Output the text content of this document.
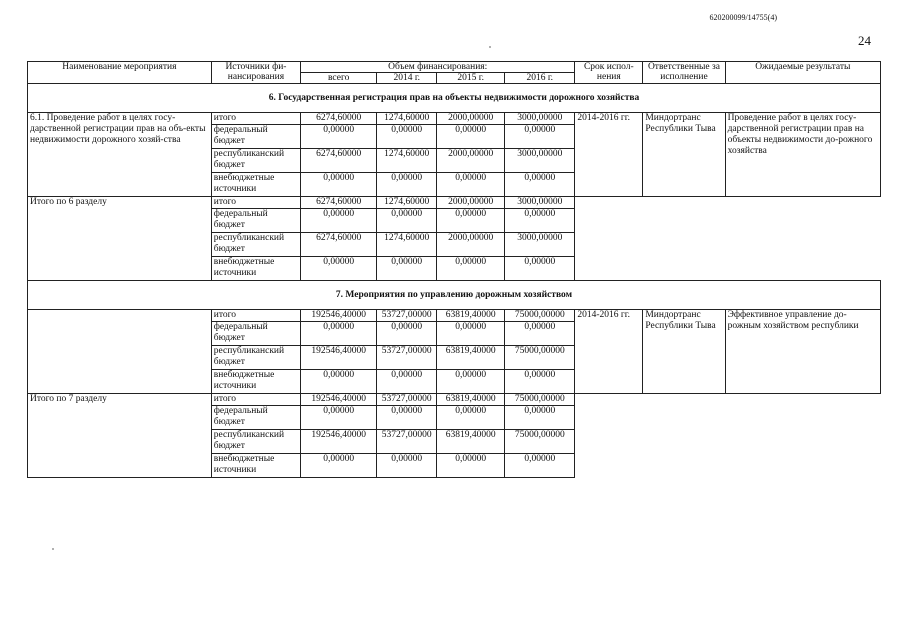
620200099/14755(4)
24
Наименование мероприятия	Источники фи-нансирования	Объем финансирования:				Срок испол-нения	Ответственные за исполнение	Ожидаемые результаты
		всего	2014 г.	2015 г.	2016 г.			
6. Государственная регистрация прав на объекты недвижимости дорожного хозяйства								
6.1. Проведение работ в целях госу-дарственной регистрации прав на объ-екты недвижимости дорожного хозяй-ства	итого	6274,60000	1274,60000	2000,00000	3000,00000	2014-2016 гг.	Миндортранс Республики Тыва	Проведение работ в целях госу-дарственной регистрации прав на объекты недвижимости до-рожного хозяйства
	федеральный бюджет	0,00000	0,00000	0,00000	0,00000			
	республиканский бюджет	6274,60000	1274,60000	2000,00000	3000,00000			
	внебюджетные источники	0,00000	0,00000	0,00000	0,00000			
Итого по 6 разделу	итого	6274,60000	1274,60000	2000,00000	3000,00000			
	федеральный бюджет	0,00000	0,00000	0,00000	0,00000			
	республиканский бюджет	6274,60000	1274,60000	2000,00000	3000,00000			
	внебюджетные источники	0,00000	0,00000	0,00000	0,00000			
7. Мероприятия по управлению дорожным хозяйством								
	итого	192546,40000	53727,00000	63819,40000	75000,00000	2014-2016 гг.	Миндортранс Республики Тыва	Эффективное управление до-рожным хозяйством республики
	федеральный бюджет	0,00000	0,00000	0,00000	0,00000			
	республиканский бюджет	192546,40000	53727,00000	63819,40000	75000,00000			
	внебюджетные источники	0,00000	0,00000	0,00000	0,00000			
Итого по 7 разделу	итого	192546,40000	53727,00000	63819,40000	75000,00000			
	федеральный бюджет	0,00000	0,00000	0,00000	0,00000			
	республиканский бюджет	192546,40000	53727,00000	63819,40000	75000,00000			
	внебюджетные источники	0,00000	0,00000	0,00000	0,00000			
